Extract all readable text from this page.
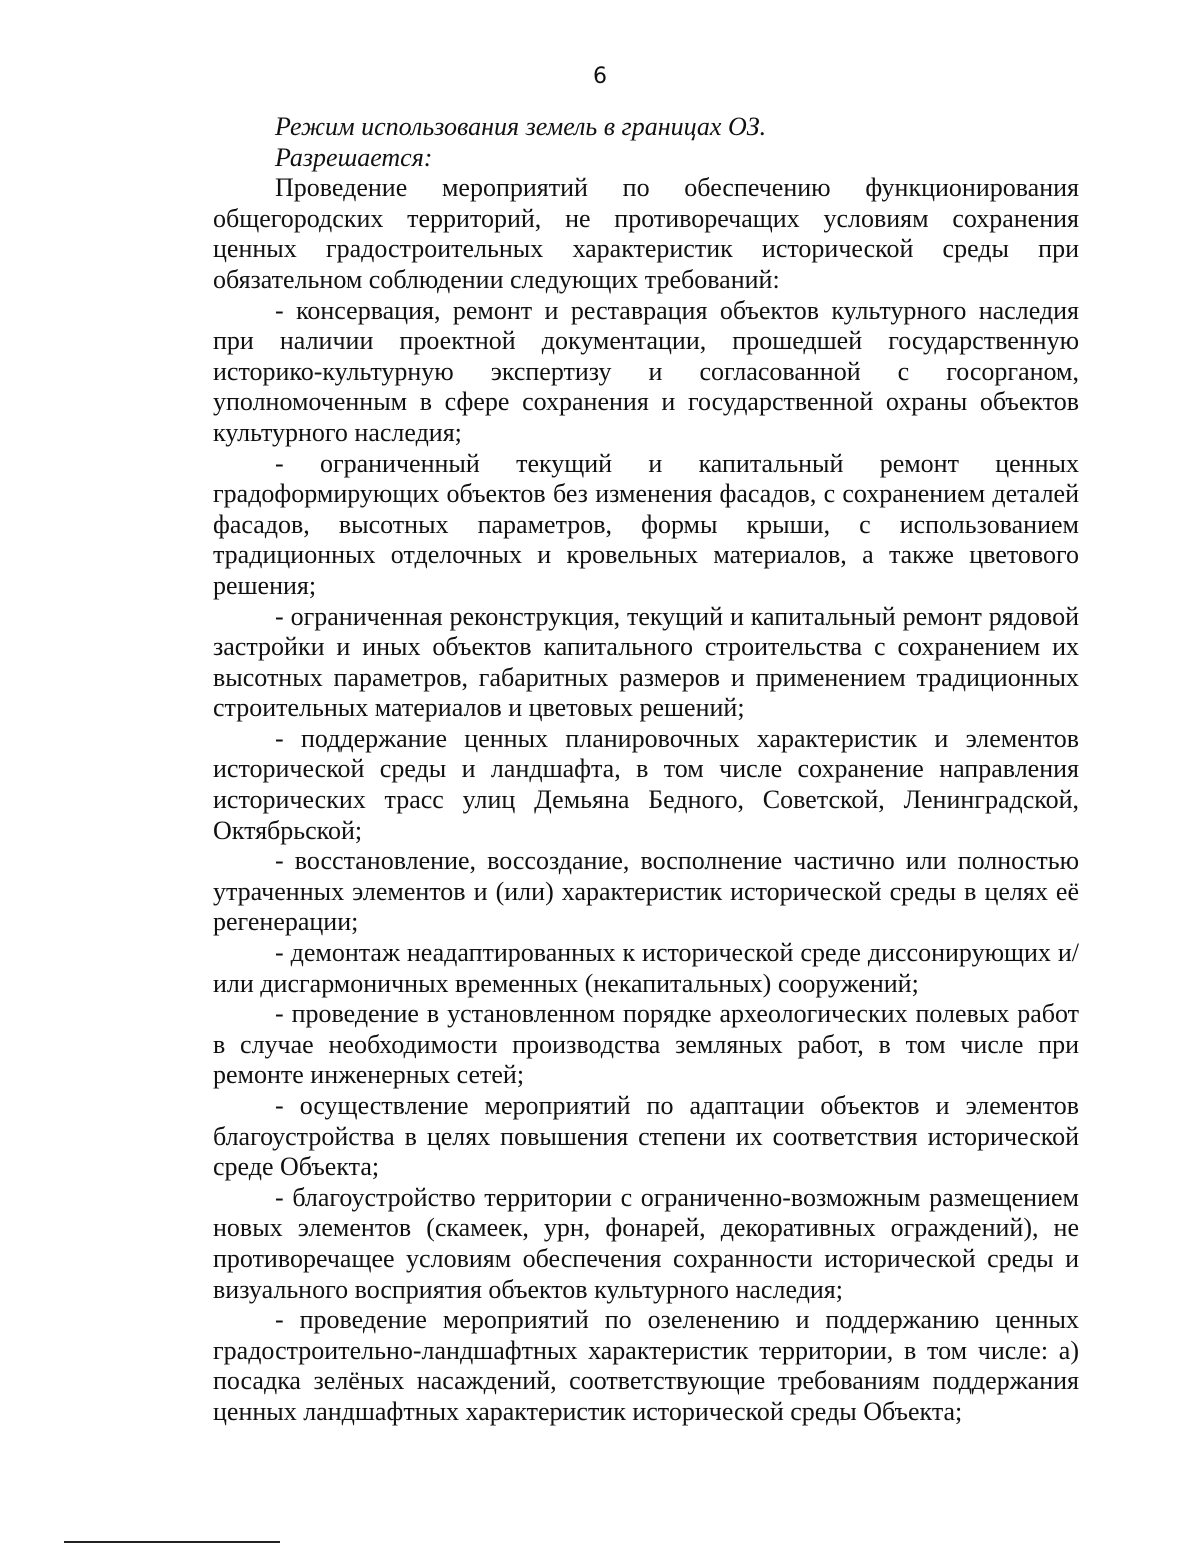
6

Режим использования земель в границах ОЗ.

Разрешается:

Проведение мероприятий по обеспечению функционирования общегородских территорий, не противоречащих условиям сохранения ценных градостроительных характеристик исторической среды при обязательном соблюдении следующих требований:

- консервация, ремонт и реставрация объектов культурного наследия при наличии проектной документации, прошедшей государственную историко-культурную экспертизу и согласованной с госорганом, уполномоченным в сфере сохранения и государственной охраны объектов культурного наследия;

- ограниченный текущий и капитальный ремонт ценных градоформирующих объектов без изменения фасадов, с сохранением деталей фасадов, высотных параметров, формы крыши, с использованием традиционных отделочных и кровельных материалов, а также цветового решения;

- ограниченная реконструкция, текущий и капитальный ремонт рядовой застройки и иных объектов капитального строительства с сохранением их высотных параметров, габаритных размеров и применением традиционных строительных материалов и цветовых решений;

- поддержание ценных планировочных характеристик и элементов исторической среды и ландшафта, в том числе сохранение направления исторических трасс улиц Демьяна Бедного, Советской, Ленинградской, Октябрьской;

- восстановление, воссоздание, восполнение частично или полностью утраченных элементов и (или) характеристик исторической среды в целях её регенерации;

- демонтаж неадаптированных к исторической среде диссонирующих и/или дисгармоничных временных (некапитальных) сооружений;

- проведение в установленном порядке археологических полевых работ в случае необходимости производства земляных работ, в том числе при ремонте инженерных сетей;

- осуществление мероприятий по адаптации объектов и элементов благоустройства в целях повышения степени их соответствия исторической среде Объекта;

- благоустройство территории с ограниченно-возможным размещением новых элементов (скамеек, урн, фонарей, декоративных ограждений), не противоречащее условиям обеспечения сохранности исторической среды и визуального восприятия объектов культурного наследия;

- проведение мероприятий по озеленению и поддержанию ценных градостроительно-ландшафтных характеристик территории, в том числе: а) посадка зелёных насаждений, соответствующие требованиям поддержания ценных ландшафтных характеристик исторической среды Объекта;
